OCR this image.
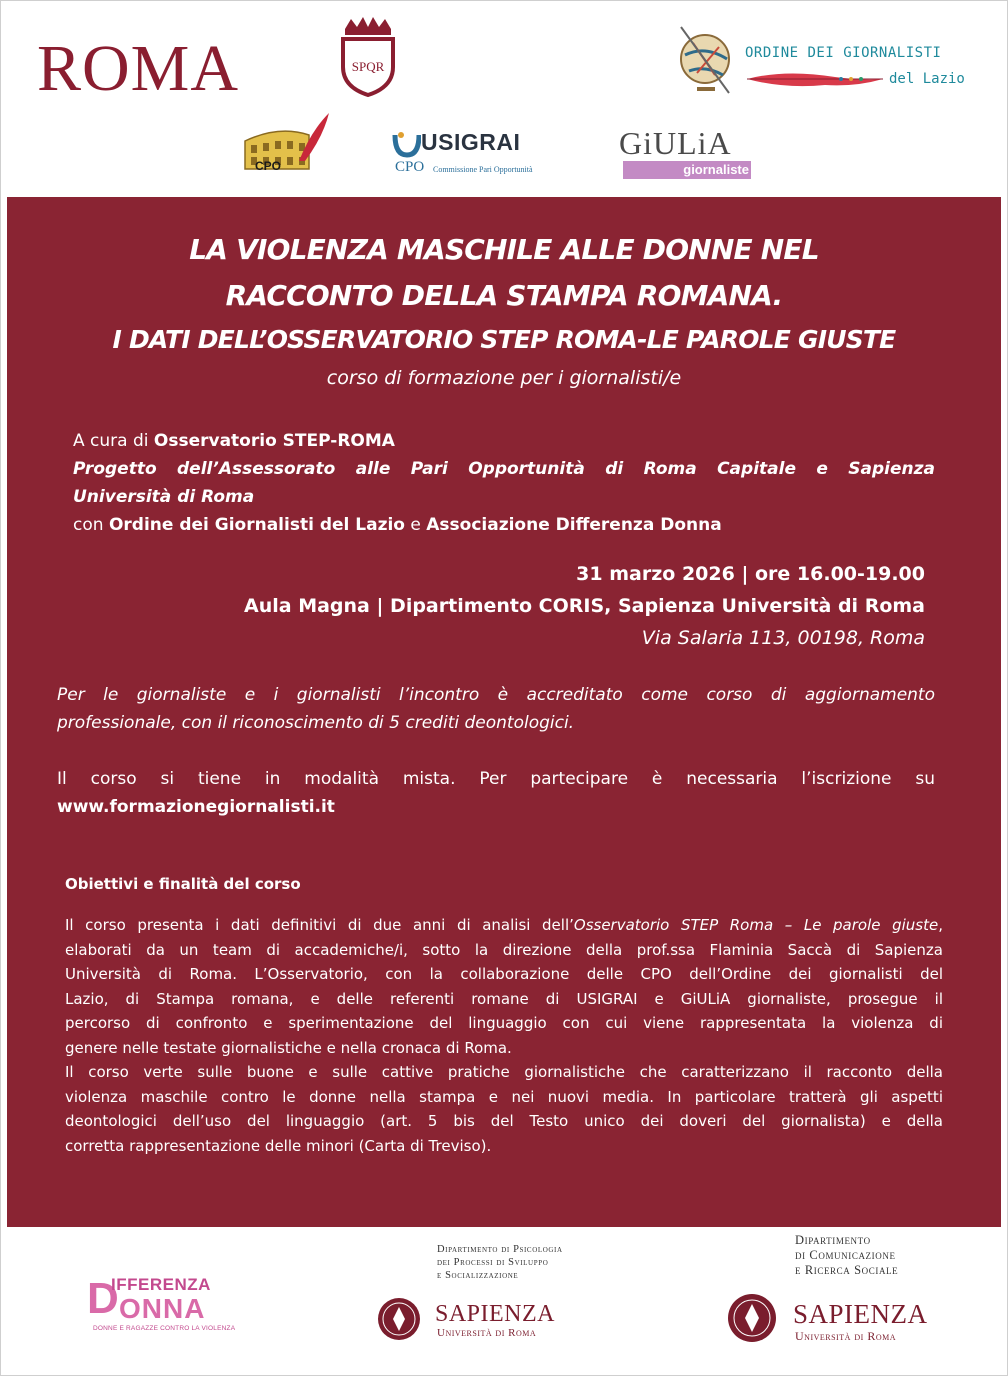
ROMA	SPQR
ORDINE DEI GIORNALISTI
del Lazio
CPO
USIGRAI
CPO Commissione Pari Opportunità
GiULiA
giornaliste
LA VIOLENZA MASCHILE ALLE DONNE NEL
RACCONTO DELLA STAMPA ROMANA.
I DATI DELL’OSSERVATORIO STEP ROMA-LE PAROLE GIUSTE
corso di formazione per i giornalisti/e
A cura di Osservatorio STEP-ROMA
Progetto dell’Assessorato alle Pari Opportunità di Roma Capitale e Sapienza
Università di Roma
con Ordine dei Giornalisti del Lazio e Associazione Differenza Donna
31 marzo 2026 | ore 16.00-19.00
Aula Magna | Dipartimento CORIS, Sapienza Università di Roma
Via Salaria 113, 00198, Roma
Per le giornaliste e i giornalisti l’incontro è accreditato come corso di aggiornamento
professionale, con il riconoscimento di 5 crediti deontologici.
Il corso si tiene in modalità mista. Per partecipare è necessaria l’iscrizione su
www.formazionegiornalisti.it
Obiettivi e finalità del corso
Il corso presenta i dati definitivi di due anni di analisi dell’Osservatorio STEP Roma – Le parole giuste,
elaborati da un team di accademiche/i, sotto la direzione della prof.ssa Flaminia Saccà di Sapienza
Università di Roma. L’Osservatorio, con la collaborazione delle CPO dell’Ordine dei giornalisti del
Lazio, di Stampa romana, e delle referenti romane di USIGRAI e GiULiA giornaliste, prosegue il
percorso di confronto e sperimentazione del linguaggio con cui viene rappresentata la violenza di
genere nelle testate giornalistiche e nella cronaca di Roma.
Il corso verte sulle buone e sulle cattive pratiche giornalistiche che caratterizzano il racconto della
violenza maschile contro le donne nella stampa e nei nuovi media. In particolare tratterà gli aspetti
deontologici dell’uso del linguaggio (art. 5 bis del Testo unico dei doveri del giornalista) e della
corretta rappresentazione delle minori (Carta di Treviso).
D
IFFERENZA
ONNA
DONNE E RAGAZZE CONTRO LA VIOLENZA
Dipartimento di Psicologia
dei Processi di Sviluppo
e Socializzazione
SAPIENZA
Università di Roma
Dipartimento
di Comunicazione
e Ricerca Sociale
SAPIENZA
Università di Roma
